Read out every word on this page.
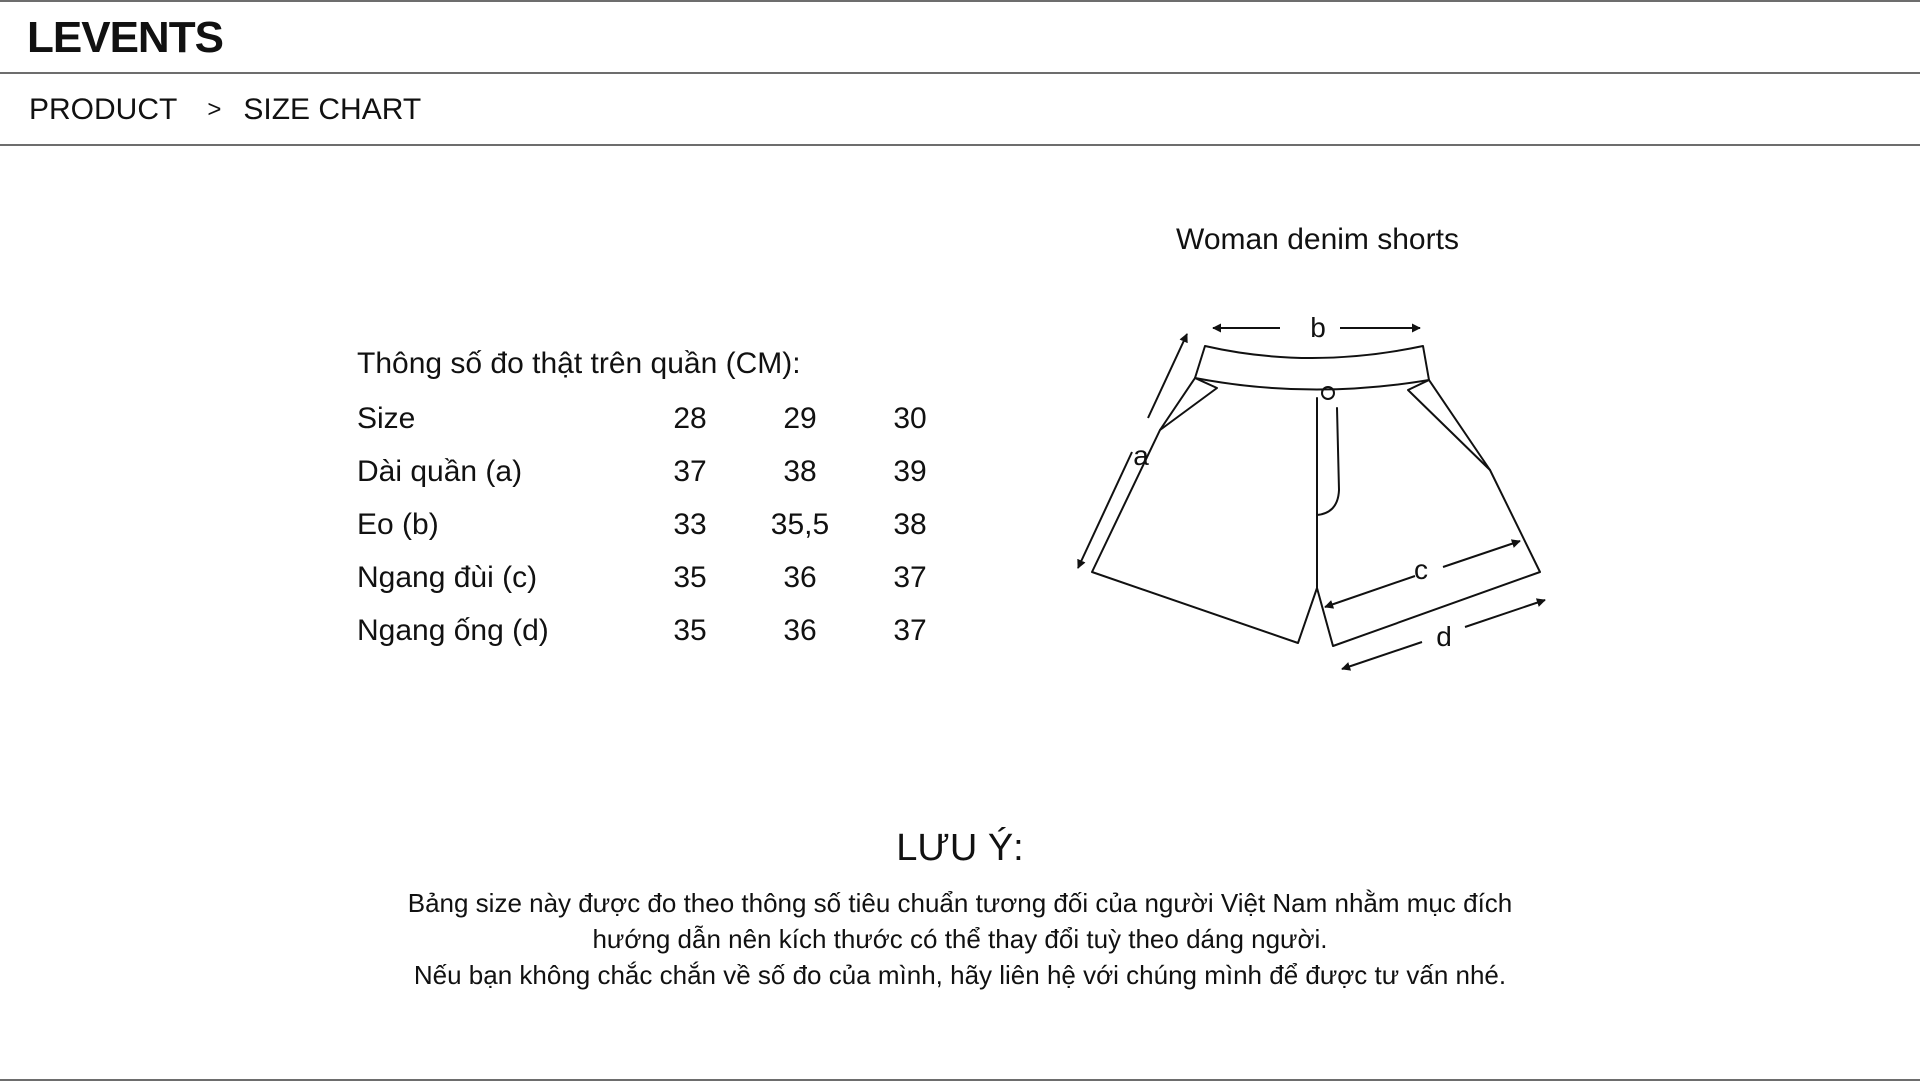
LEVENTS
PRODUCT > SIZE CHART
Thông số đo thật trên quần (CM):
Size	28	29	30
Dài quần (a)	37	38	39
Eo (b)	33	35,5	38
Ngang đùi (c)	35	36	37
Ngang ống (d)	35	36	37
Woman denim shorts
b
a
c
d
LƯU Ý:
Bảng size này được đo theo thông số tiêu chuẩn tương đối của người Việt Nam nhằm mục đích
hướng dẫn nên kích thước có thể thay đổi tuỳ theo dáng người.
Nếu bạn không chắc chắn về số đo của mình, hãy liên hệ với chúng mình để được tư vấn nhé.
